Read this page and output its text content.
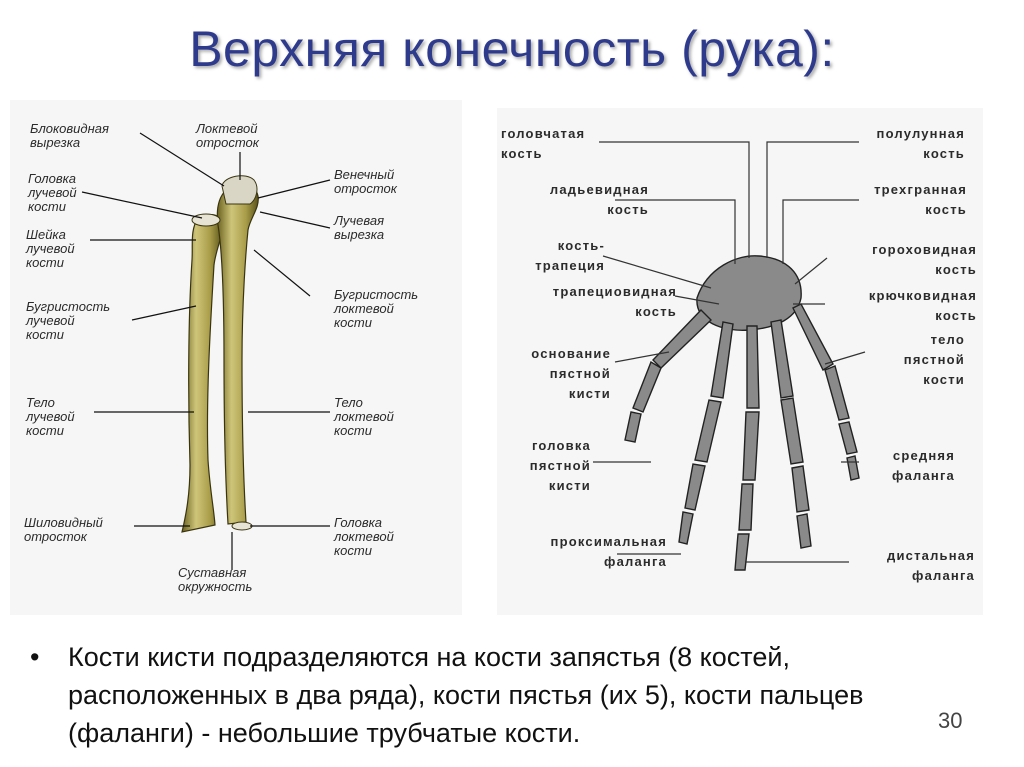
Верхняя конечность (рука):
Блоковидная
вырезка
Локтевой
отросток
Венечный
отросток
Головка
лучевой
кости
Лучевая
вырезка
Шейка
лучевой
кости
Бугристость
лучевой
кости
Бугристость
локтевой
кости
Тело
лучевой
кости
Тело
локтевой
кости
Шиловидный
отросток
Головка
локтевой
кости
Суставная
окружность
головчатая
кость
полулунная
кость
ладьевидная
кость
трехгранная
кость
кость-
трапеция
гороховидная
кость
трапециовидная
кость
крючковидная
кость
тело
пястной
кости
основание
пястной
кисти
головка
пястной
кисти
средняя
фаланга
проксимальная
фаланга	дистальная
фаланга
• Кости кисти подразделяются на кости запястья (8 костей, расположенных в два ряда), кости пястья (их 5), кости пальцев (фаланги) - небольшие трубчатые кости.	30
